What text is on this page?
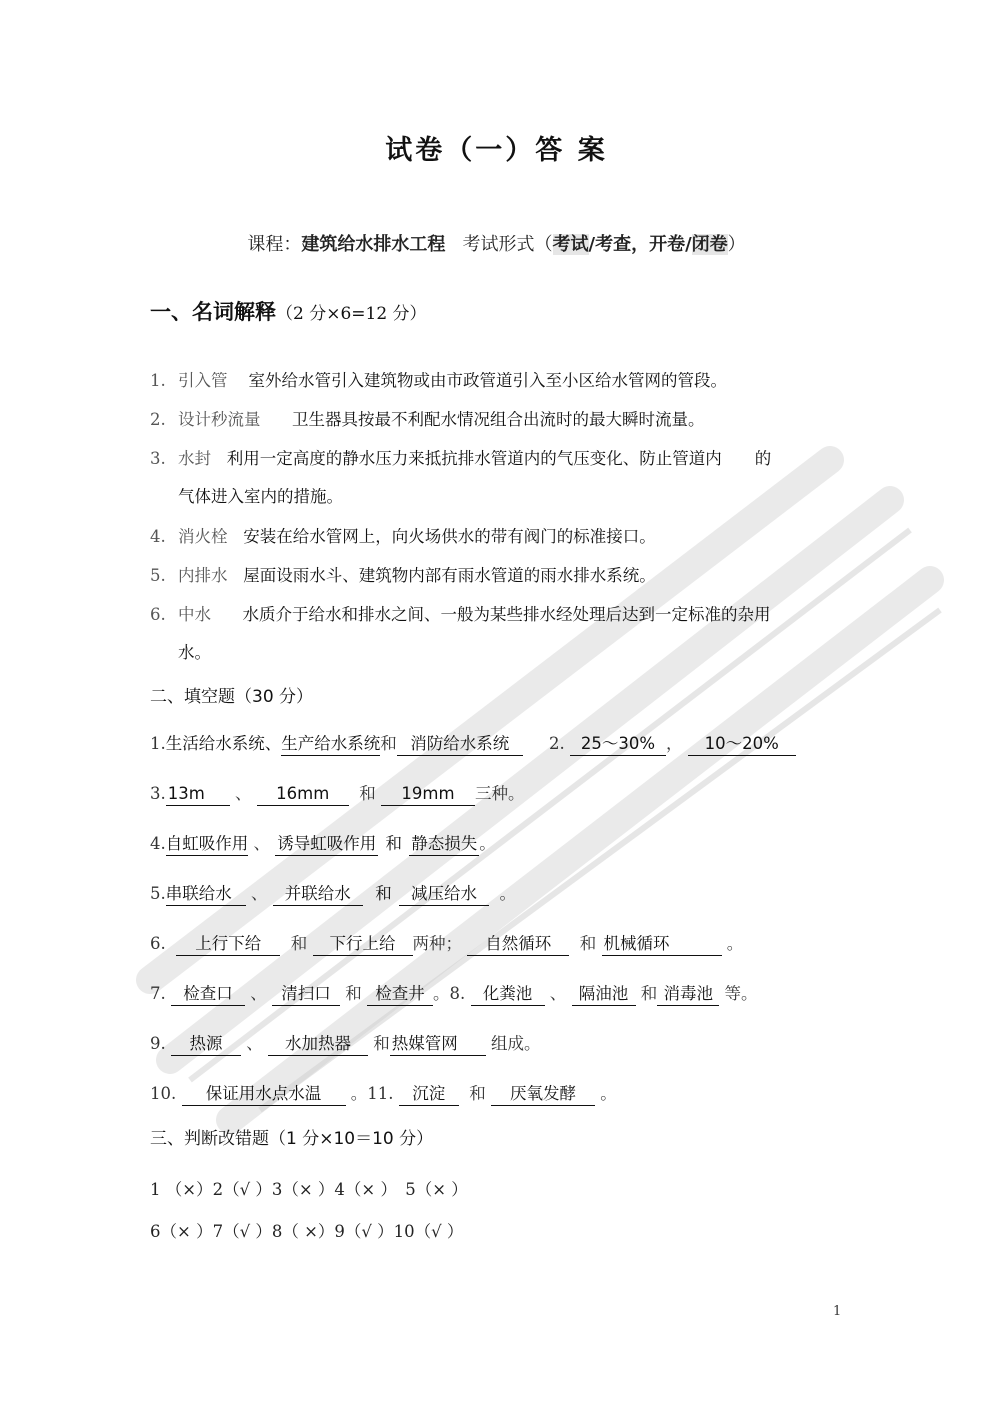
试卷（一）答 案
课程：建筑给水排水工程 考试形式（考试/考查，开卷/闭卷）
一、名词解释（2 分×6=12 分）
1. 引入管 室外给水管引入建筑物或由市政管道引入至小区给水管网的管段。
2. 设计秒流量 卫生器具按最不利配水情况组合出流时的最大瞬时流量。
3. 水封 利用一定高度的静水压力来抵抗排水管道内的气压变化、防止管道内　　的
气体进入室内的措施。
4. 消火栓 安装在给水管网上，向火场供水的带有阀门的标准接口。
5. 内排水 屋面设雨水斗、建筑物内部有雨水管道的雨水排水系统。
6. 中水 水质介于给水和排水之间、一般为某些排水经处理后达到一定标准的杂用
水。
二、填空题（30 分）
1.生活给水系统、生产给水系统和 消防给水系统 2. 25～30% ， 10～20%
3. 13m 、 16mm 和 19mm 三种。
4.自虹吸作用 、 诱导虹吸作用 和 静态损失 。
5.串联给水 、 并联给水 和 减压给水 。
6. 上行下给 和 下行上给 两种； 自然循环 和 机械循环	。
7. 检查口 、 清扫口 和 检查井 。8. 化粪池 、 隔油池 和 消毒池 等。
9. 热源 、 水加热器 和 热媒管网 组成。
10. 保证用水点水温 。11. 沉淀 和 厌氧发酵 。
三、判断改错题（1 分×10＝10 分）
1 （×）2（√ ）3（× ）4（× ）　5（× ）
6（× ）7（√ ）8（ ×）9（√ ）10（√ ）
1
